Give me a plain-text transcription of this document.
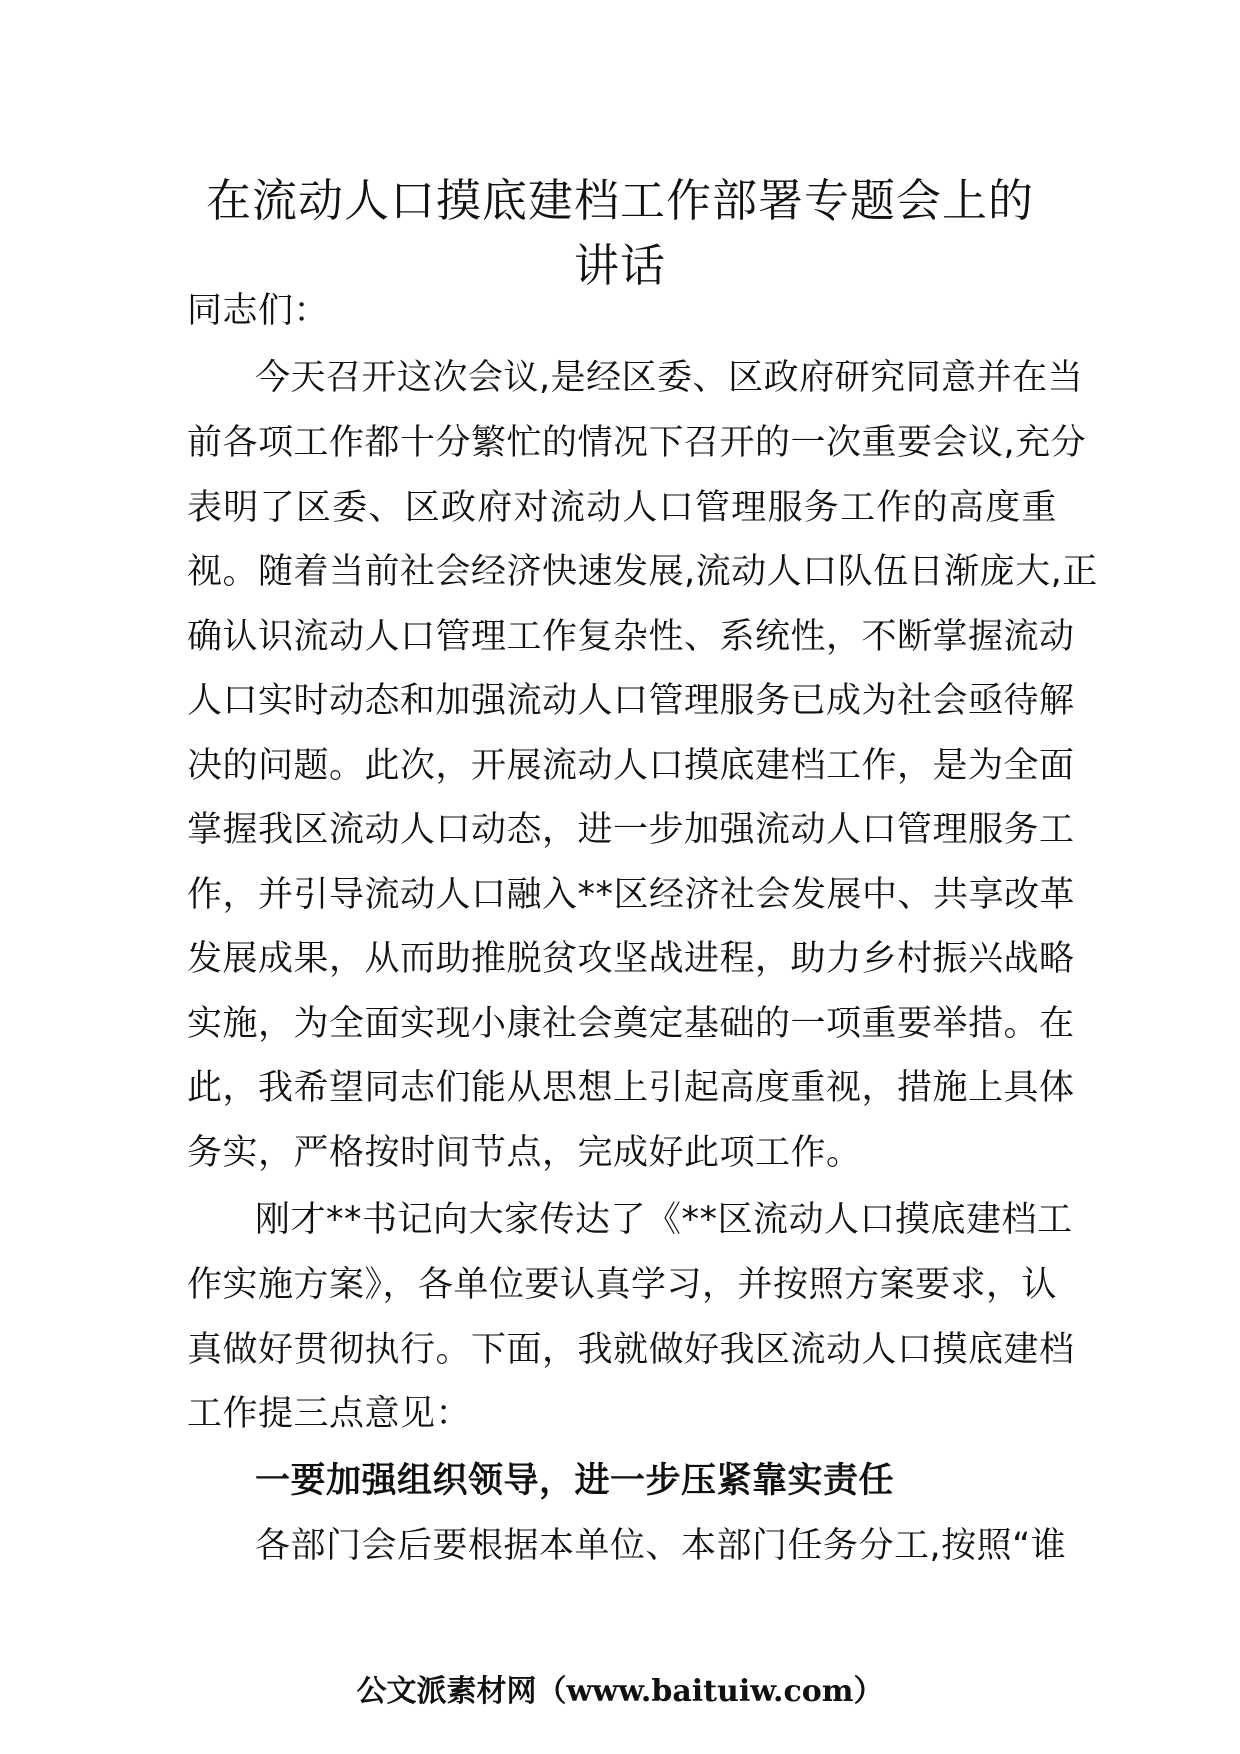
在流动人口摸底建档工作部署专题会上的
讲话

同志们：

今天召开这次会议,是经区委、区政府研究同意并在当

前各项工作都十分繁忙的情况下召开的一次重要会议,充分

表明了区委、区政府对流动人口管理服务工作的高度重

视。随着当前社会经济快速发展,流动人口队伍日渐庞大,正

确认识流动人口管理工作复杂性、系统性，不断掌握流动

人口实时动态和加强流动人口管理服务已成为社会亟待解

决的问题。此次，开展流动人口摸底建档工作，是为全面

掌握我区流动人口动态，进一步加强流动人口管理服务工

作，并引导流动人口融入**区经济社会发展中、共享改革

发展成果，从而助推脱贫攻坚战进程，助力乡村振兴战略

实施，为全面实现小康社会奠定基础的一项重要举措。在

此，我希望同志们能从思想上引起高度重视，措施上具体

务实，严格按时间节点，完成好此项工作。

刚才**书记向大家传达了《**区流动人口摸底建档工

作实施方案》，各单位要认真学习，并按照方案要求，认

真做好贯彻执行。下面，我就做好我区流动人口摸底建档

工作提三点意见：

一要加强组织领导，进一步压紧靠实责任

各部门会后要根据本单位、本部门任务分工,按照“谁

公文派素材网（www.baituiw.com）
